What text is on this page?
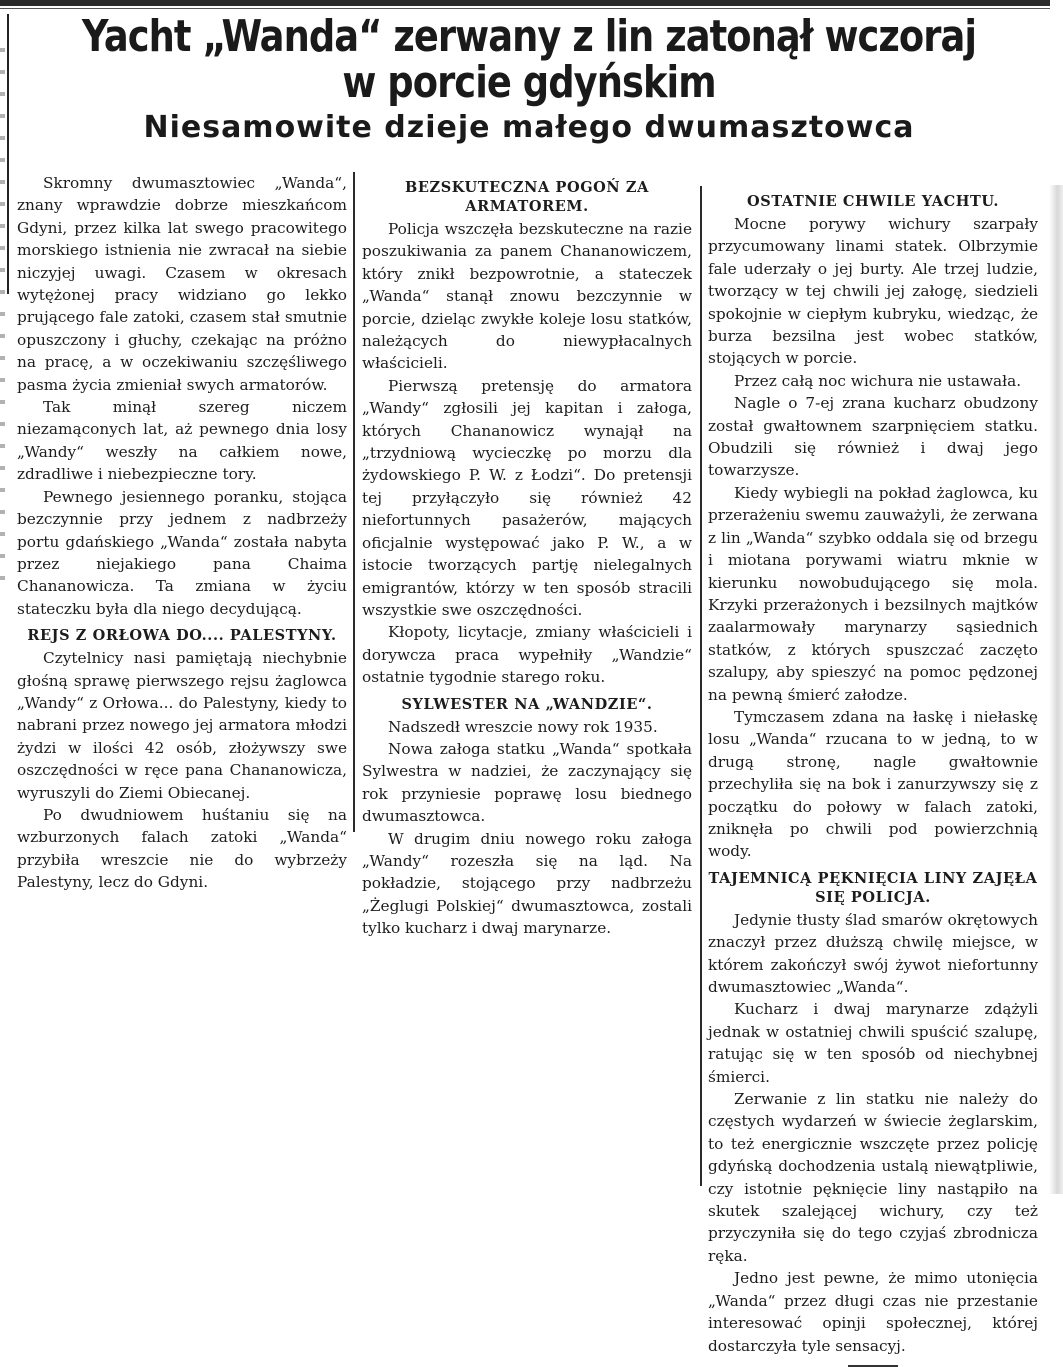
Yacht „Wanda“ zerwany z lin zatonął wczoraj
w porcie gdyńskim
Niesamowite dzieje małego dwumasztowca

Skromny dwumasztowiec „Wanda“, znany wprawdzie dobrze mieszkańcom Gdyni, przez kilka lat swego pracowitego morskiego istnienia nie zwracał na siebie niczyjej uwagi. Czasem w okresach wytężonej pracy widziano go lekko prującego fale zatoki, czasem stał smutnie opuszczony i głuchy, czekając na próżno na pracę, a w oczekiwaniu szczęśliwego pasma życia zmieniał swych armatorów.

Tak minął szereg niczem niezamąconych lat, aż pewnego dnia losy „Wandy“ weszły na całkiem nowe, zdradliwe i niebezpieczne tory.

Pewnego jesiennego poranku, stojąca bezczynnie przy jednem z nadbrzeży portu gdańskiego „Wanda“ została nabyta przez niejakiego pana Chaima Chananowicza. Ta zmiana w życiu stateczku była dla niego decydującą.

REJS Z ORŁOWA DO.... PALESTYNY.

Czytelnicy nasi pamiętają niechybnie głośną sprawę pierwszego rejsu żaglowca „Wandy“ z Orłowa... do Palestyny, kiedy to nabrani przez nowego jej armatora młodzi żydzi w ilości 42 osób, złożywszy swe oszczędności w ręce pana Chananowicza, wyruszyli do Ziemi Obiecanej.

Po dwudniowem huśtaniu się na wzburzonych falach zatoki „Wanda“ przybiła wreszcie nie do wybrzeży Palestyny, lecz do Gdyni.

BEZSKUTECZNA POGOŃ ZA ARMATOREM.

Policja wszczęła bezskuteczne na razie poszukiwania za panem Chananowiczem, który znikł bezpowrotnie, a stateczek „Wanda“ stanął znowu bezczynnie w porcie, dzieląc zwykłe koleje losu statków, należących do niewypłacalnych właścicieli.

Pierwszą pretensję do armatora „Wandy“ zgłosili jej kapitan i załoga, których Chananowicz wynajął na „trzydniową wycieczkę po morzu dla żydowskiego P. W. z Łodzi“. Do pretensji tej przyłączyło się również 42 niefortunnych pasażerów, mających oficjalnie występować jako P. W., a w istocie tworzących partję nielegalnych emigrantów, którzy w ten sposób stracili wszystkie swe oszczędności.

Kłopoty, licytacje, zmiany właścicieli i dorywcza praca wypełniły „Wandzie“ ostatnie tygodnie starego roku.

SYLWESTER NA „WANDZIE“.

Nadszedł wreszcie nowy rok 1935.

Nowa załoga statku „Wanda“ spotkała Sylwestra w nadziei, że zaczynający się rok przyniesie poprawę losu biednego dwumasztowca.

W drugim dniu nowego roku załoga „Wandy“ rozeszła się na ląd. Na pokładzie, stojącego przy nadbrzeżu „Żeglugi Polskiej“ dwumasztowca, zostali tylko kucharz i dwaj marynarze.

OSTATNIE CHWILE YACHTU.

Mocne porywy wichury szarpały przycumowany linami statek. Olbrzymie fale uderzały o jej burty. Ale trzej ludzie, tworzący w tej chwili jej załogę, siedzieli spokojnie w ciepłym kubryku, wiedząc, że burza bezsilna jest wobec statków, stojących w porcie.

Przez całą noc wichura nie ustawała.

Nagle o 7-ej zrana kucharz obudzony został gwałtownem szarpnięciem statku. Obudzili się również i dwaj jego towarzysze.

Kiedy wybiegli na pokład żaglowca, ku przerażeniu swemu zauważyli, że zerwana z lin „Wanda“ szybko oddala się od brzegu i miotana porywami wiatru mknie w kierunku nowobudującego się mola. Krzyki przerażonych i bezsilnych majtków zaalarmowały marynarzy sąsiednich statków, z których spuszczać zaczęto szalupy, aby spieszyć na pomoc pędzonej na pewną śmierć załodze.

Tymczasem zdana na łaskę i niełaskę losu „Wanda“ rzucana to w jedną, to w drugą stronę, nagle gwałtownie przechyliła się na bok i zanurzywszy się z początku do połowy w falach zatoki, zniknęła po chwili pod powierzchnią wody.

TAJEMNICĄ PĘKNIĘCIA LINY ZAJĘŁA SIĘ POLICJA.

Jedynie tłusty ślad smarów okrętowych znaczył przez dłuższą chwilę miejsce, w którem zakończył swój żywot niefortunny dwumasztowiec „Wanda“.

Kucharz i dwaj marynarze zdążyli jednak w ostatniej chwili spuścić szalupę, ratując się w ten sposób od niechybnej śmierci.

Zerwanie z lin statku nie należy do częstych wydarzeń w świecie żeglarskim, to też energicznie wszczęte przez policję gdyńską dochodzenia ustalą niewątpliwie, czy istotnie pęknięcie liny nastąpiło na skutek szalejącej wichury, czy też przyczyniła się do tego czyjaś zbrodnicza ręka.

Jedno jest pewne, że mimo utonięcia „Wanda“ przez długi czas nie przestanie interesować opinji społecznej, której dostarczyła tyle sensacyj.
